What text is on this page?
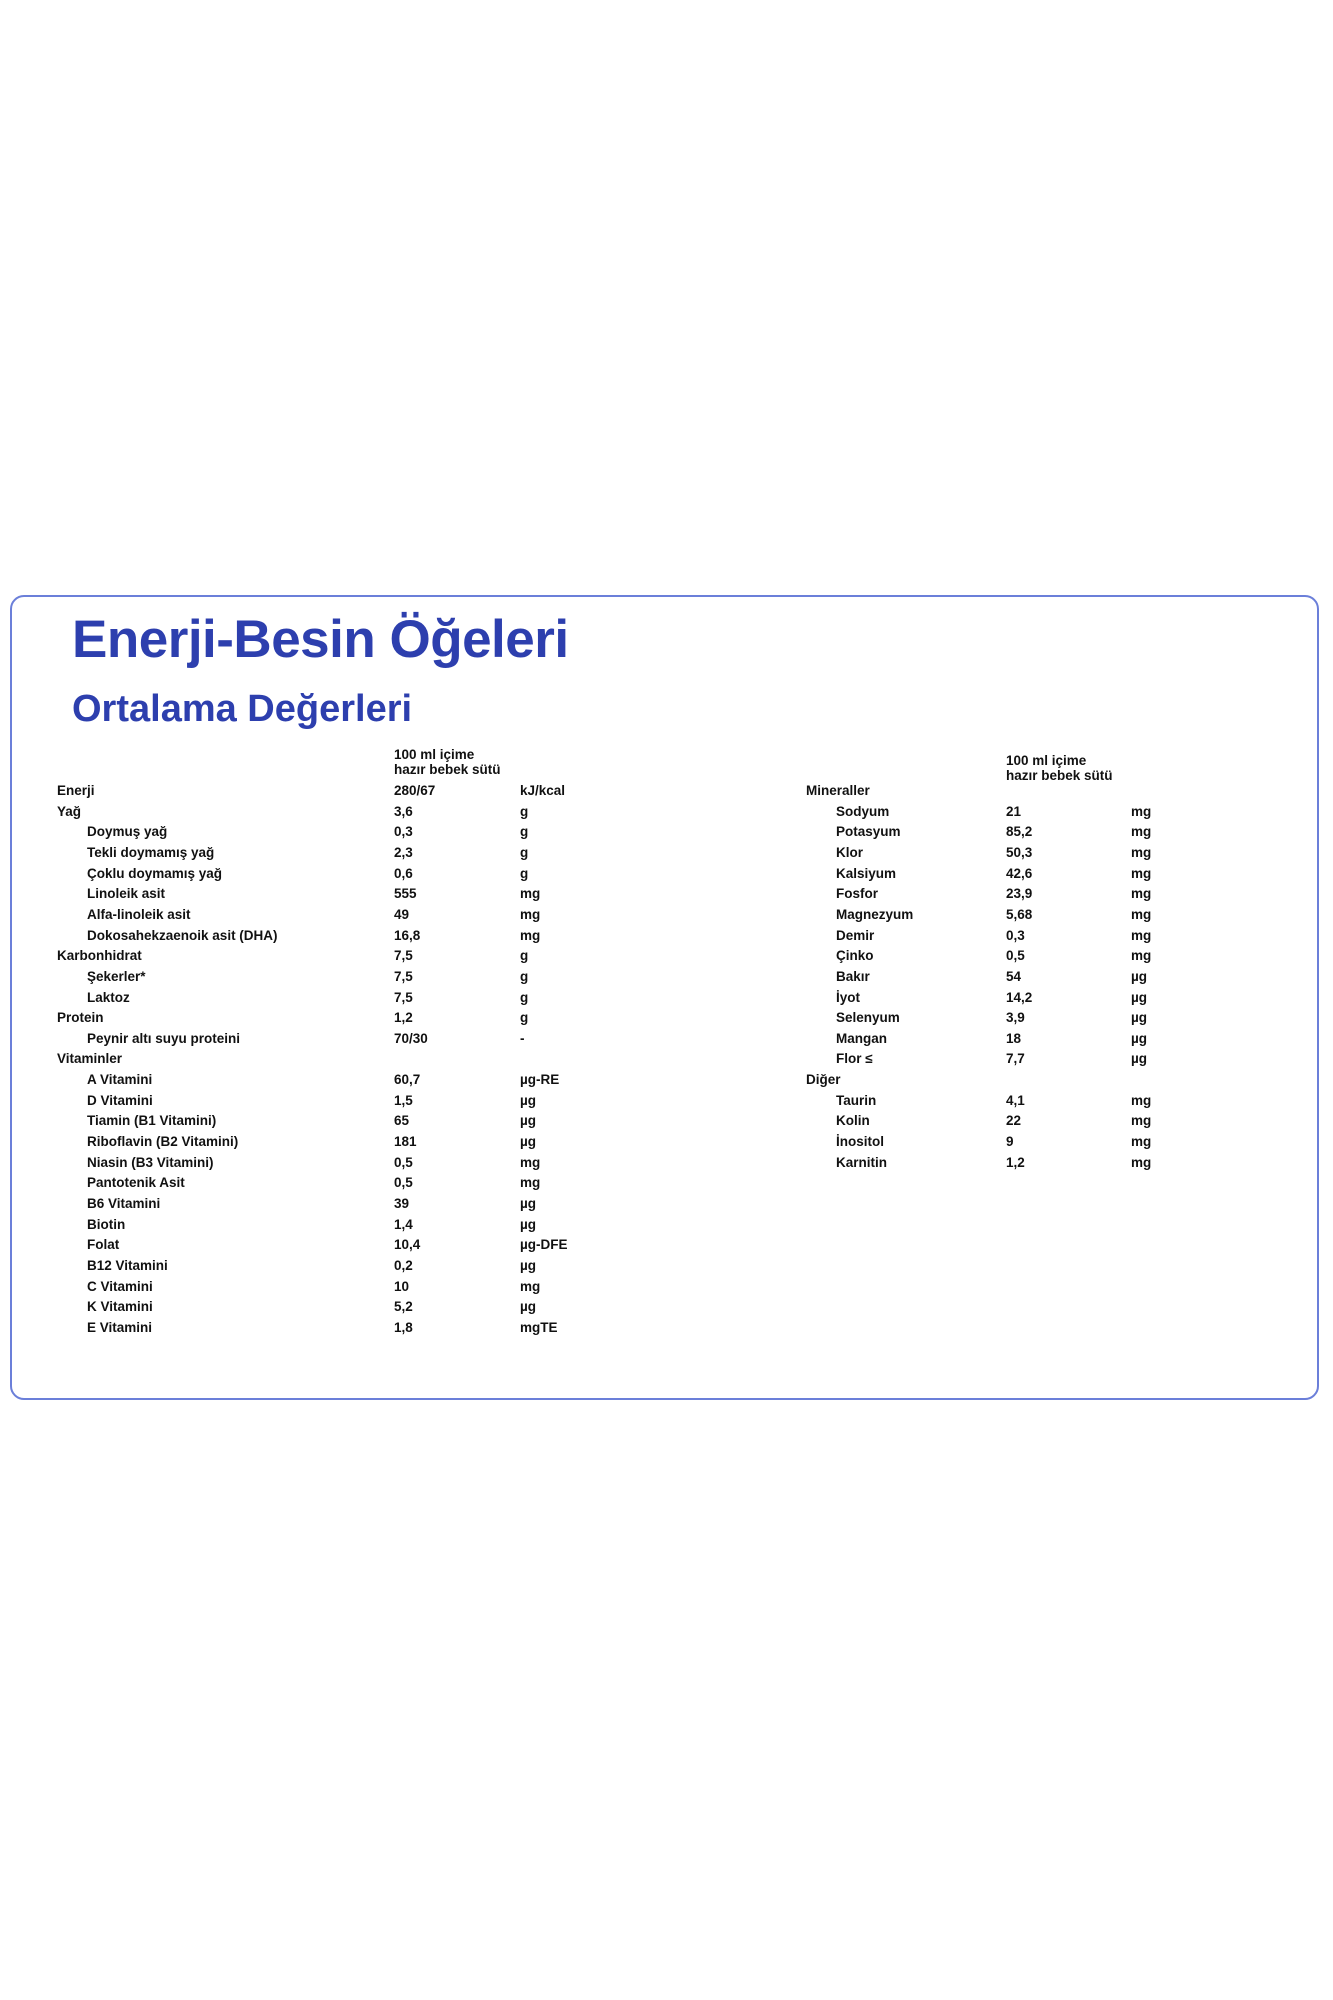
Enerji-Besin Öğeleri
Ortalama Değerleri
100 ml içime
hazır bebek sütü
100 ml içime
hazır bebek sütü
Enerji	280/67	kJ/kcal
Yağ	3,6	g
Doymuş yağ	0,3	g
Tekli doymamış yağ	2,3	g
Çoklu doymamış yağ	0,6	g
Linoleik asit	555	mg
Alfa-linoleik asit	49	mg
Dokosahekzaenoik asit (DHA)	16,8	mg
Karbonhidrat	7,5	g
Şekerler*	7,5	g
Laktoz	7,5	g
Protein	1,2	g
Peynir altı suyu proteini	70/30	-
Vitaminler
A Vitamini	60,7	µg-RE
D Vitamini	1,5	µg
Tiamin (B1 Vitamini)	65	µg
Riboflavin (B2 Vitamini)	181	µg
Niasin (B3 Vitamini)	0,5	mg
Pantotenik Asit	0,5	mg
B6 Vitamini	39	µg
Biotin	1,4	µg
Folat	10,4	µg-DFE
B12 Vitamini	0,2	µg
C Vitamini	10	mg
K Vitamini	5,2	µg
E Vitamini	1,8	mgTE
Mineraller
Sodyum	21	mg
Potasyum	85,2	mg
Klor	50,3	mg
Kalsiyum	42,6	mg
Fosfor	23,9	mg
Magnezyum	5,68	mg
Demir	0,3	mg
Çinko	0,5	mg
Bakır	54	µg
İyot	14,2	µg
Selenyum	3,9	µg
Mangan	18	µg
Flor ≤	7,7	µg
Diğer
Taurin	4,1	mg
Kolin	22	mg
İnositol	9	mg
Karnitin	1,2	mg
